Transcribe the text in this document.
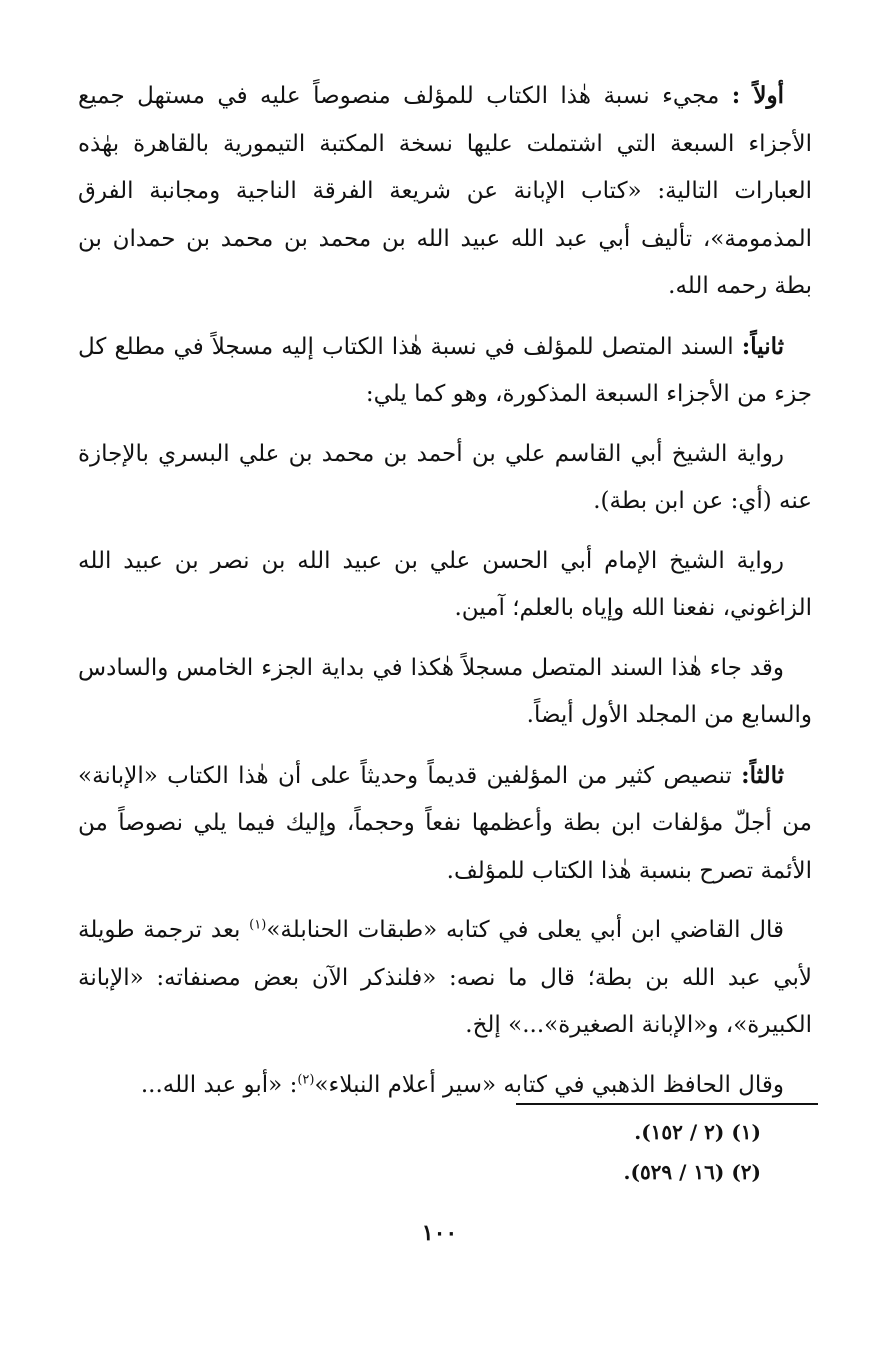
أولاً : مجيء نسبة هٰذا الكتاب للمؤلف منصوصاً عليه في مستهل جميع الأجزاء السبعة التي اشتملت عليها نسخة المكتبة التيمورية بالقاهرة بهٰذه العبارات التالية: «كتاب الإبانة عن شريعة الفرقة الناجية ومجانبة الفرق المذمومة»، تأليف أبي عبد الله عبيد الله بن محمد بن محمد بن حمدان بن بطة رحمه الله.

ثانياً: السند المتصل للمؤلف في نسبة هٰذا الكتاب إليه مسجلاً في مطلع كل جزء من الأجزاء السبعة المذكورة، وهو كما يلي:

رواية الشيخ أبي القاسم علي بن أحمد بن محمد بن علي البسري بالإجازة عنه (أي: عن ابن بطة).

رواية الشيخ الإمام أبي الحسن علي بن عبيد الله بن نصر بن عبيد الله الزاغوني، نفعنا الله وإياه بالعلم؛ آمين.

وقد جاء هٰذا السند المتصل مسجلاً هٰكذا في بداية الجزء الخامس والسادس والسابع من المجلد الأول أيضاً.

ثالثاً: تنصيص كثير من المؤلفين قديماً وحديثاً على أن هٰذا الكتاب «الإبانة» من أجلّ مؤلفات ابن بطة وأعظمها نفعاً وحجماً، وإليك فيما يلي نصوصاً من الأئمة تصرح بنسبة هٰذا الكتاب للمؤلف.

قال القاضي ابن أبي يعلى في كتابه «طبقات الحنابلة»$^{(١)}$ بعد ترجمة طويلة لأبي عبد الله بن بطة؛ قال ما نصه: «فلنذكر الآن بعض مصنفاته: «الإبانة الكبيرة»، و«الإبانة الصغيرة»...» إلخ.

وقال الحافظ الذهبي في كتابه «سير أعلام النبلاء»$^{(٢)}$: «أبو عبد الله...

(١) (٢ / ١٥٢).

(٢) (١٦ / ٥٢٩).

١٠٠
